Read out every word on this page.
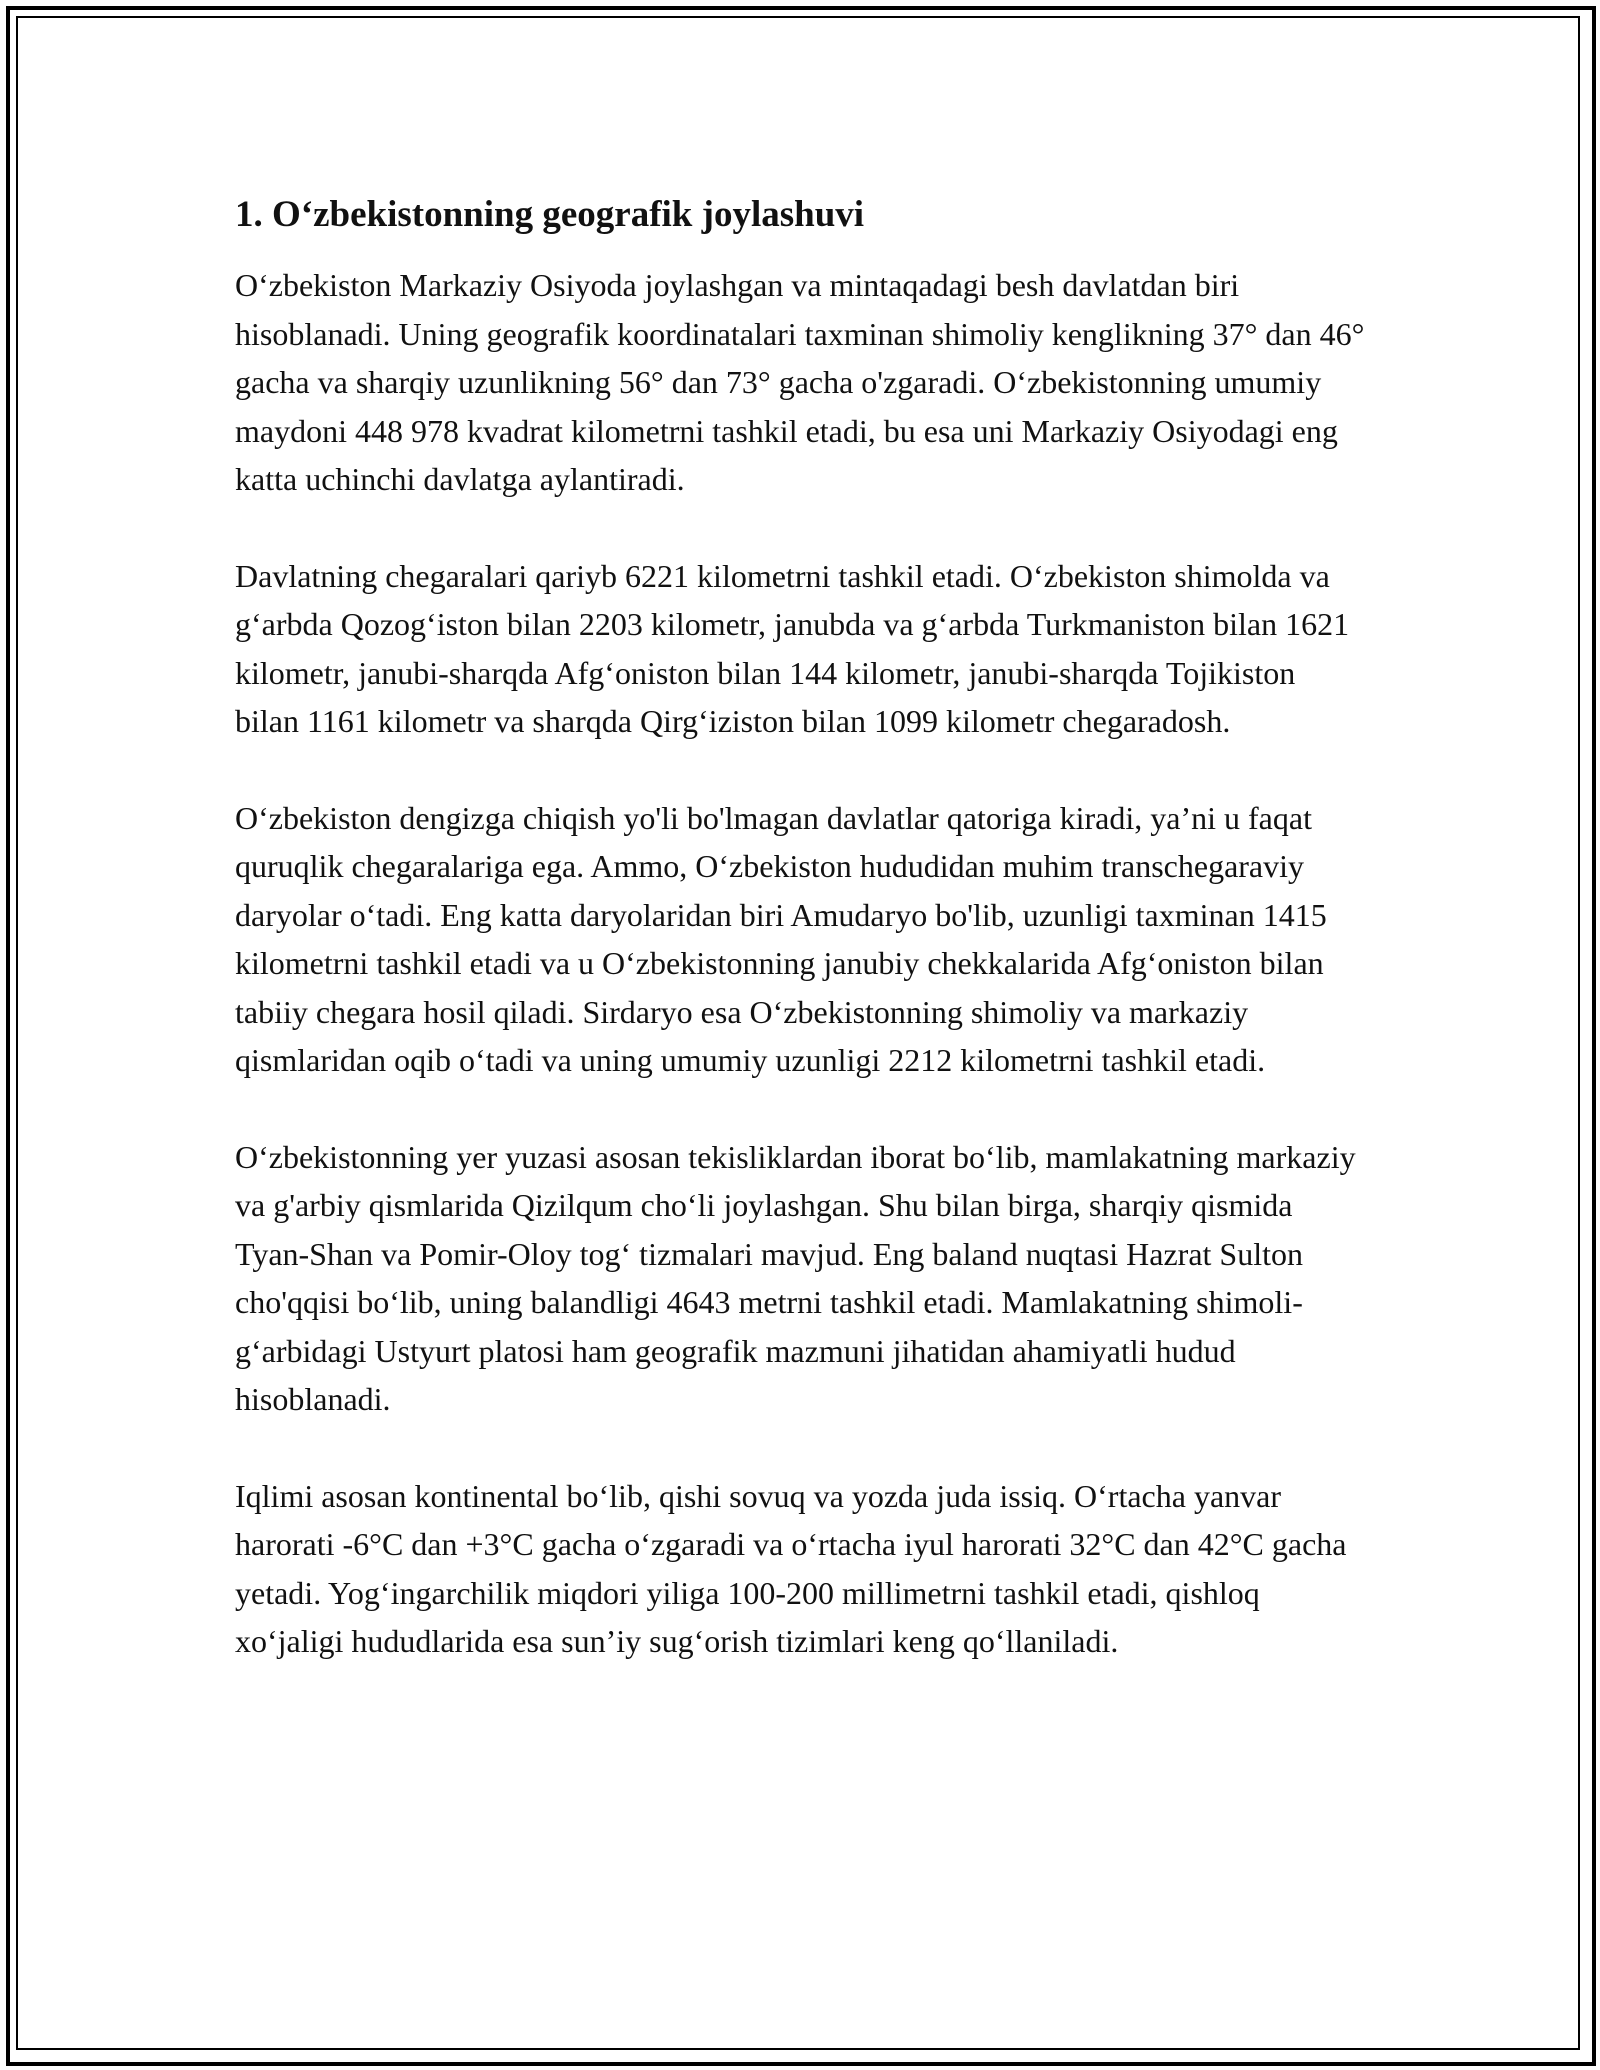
1. O‘zbekistonning geografik joylashuvi

O‘zbekiston Markaziy Osiyoda joylashgan va mintaqadagi besh davlatdan biri hisoblanadi. Uning geografik koordinatalari taxminan shimoliy kenglikning 37° dan 46° gacha va sharqiy uzunlikning 56° dan 73° gacha o'zgaradi. O‘zbekistonning umumiy maydoni 448 978 kvadrat kilometrni tashkil etadi, bu esa uni Markaziy Osiyodagi eng katta uchinchi davlatga aylantiradi.

Davlatning chegaralari qariyb 6221 kilometrni tashkil etadi. O‘zbekiston shimolda va g‘arbda Qozog‘iston bilan 2203 kilometr, janubda va g‘arbda Turkmaniston bilan 1621 kilometr, janubi-sharqda Afg‘oniston bilan 144 kilometr, janubi-sharqda Tojikiston bilan 1161 kilometr va sharqda Qirg‘iziston bilan 1099 kilometr chegaradosh.

O‘zbekiston dengizga chiqish yo'li bo'lmagan davlatlar qatoriga kiradi, ya’ni u faqat quruqlik chegaralariga ega. Ammo, O‘zbekiston hududidan muhim transchegaraviy daryolar o‘tadi. Eng katta daryolaridan biri Amudaryo bo'lib, uzunligi taxminan 1415 kilometrni tashkil etadi va u O‘zbekistonning janubiy chekkalarida Afg‘oniston bilan tabiiy chegara hosil qiladi. Sirdaryo esa O‘zbekistonning shimoliy va markaziy qismlaridan oqib o‘tadi va uning umumiy uzunligi 2212 kilometrni tashkil etadi.

O‘zbekistonning yer yuzasi asosan tekisliklardan iborat bo‘lib, mamlakatning markaziy va g'arbiy qismlarida Qizilqum cho‘li joylashgan. Shu bilan birga, sharqiy qismida Tyan-Shan va Pomir-Oloy tog‘ tizmalari mavjud. Eng baland nuqtasi Hazrat Sulton cho'qqisi bo‘lib, uning balandligi 4643 metrni tashkil etadi. Mamlakatning shimoli-g‘arbidagi Ustyurt platosi ham geografik mazmuni jihatidan ahamiyatli hudud hisoblanadi.

Iqlimi asosan kontinental bo‘lib, qishi sovuq va yozda juda issiq. O‘rtacha yanvar harorati -6°C dan +3°C gacha o‘zgaradi va o‘rtacha iyul harorati 32°C dan 42°C gacha yetadi. Yog‘ingarchilik miqdori yiliga 100-200 millimetrni tashkil etadi, qishloq xo‘jaligi hududlarida esa sun’iy sug‘orish tizimlari keng qo‘llaniladi.
